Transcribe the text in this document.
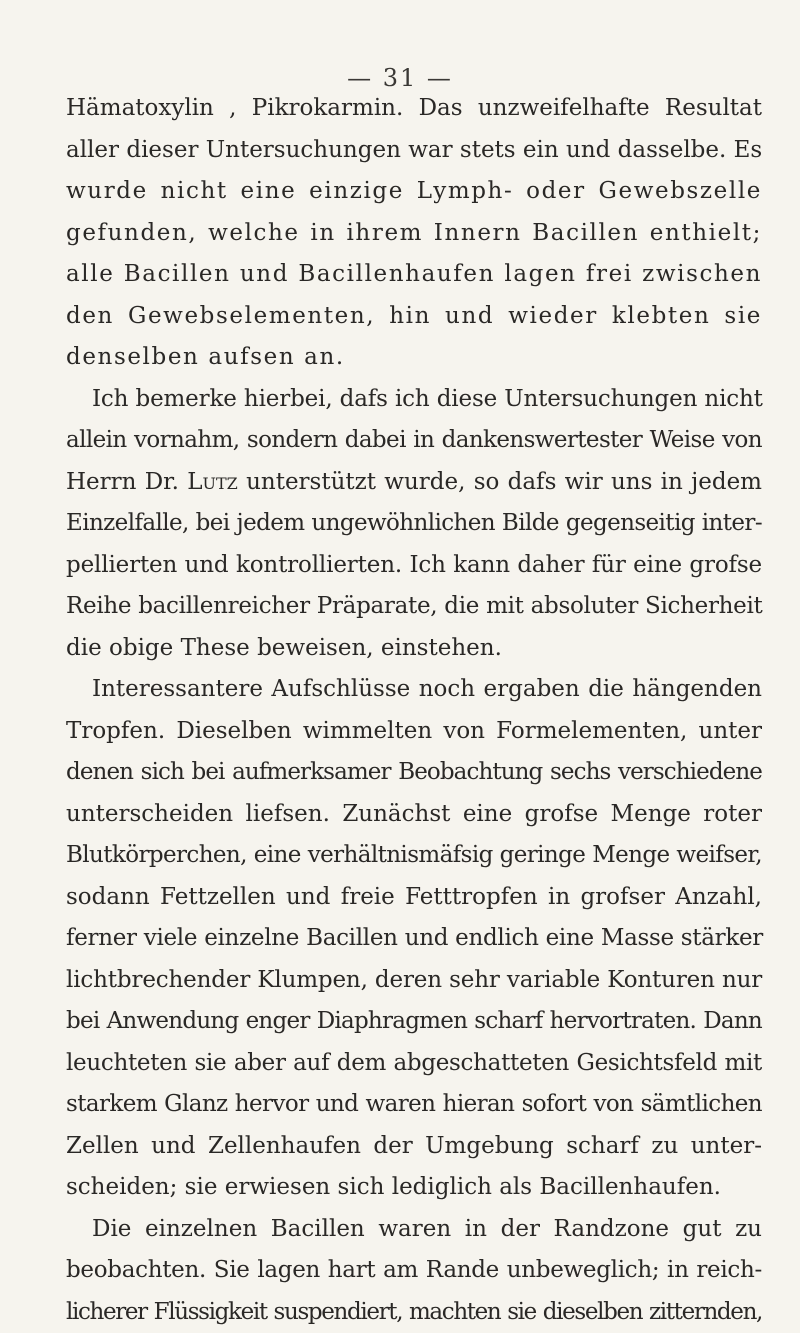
— 31 —
Hämatoxylin , Pikrokarmin. Das unzweifelhafte Resultat
aller dieser Untersuchungen war stets ein und dasselbe. Es
wurde nicht eine einzige Lymph- oder Gewebszelle
gefunden, welche in ihrem Innern Bacillen enthielt;
alle Bacillen und Bacillenhaufen lagen frei zwischen
den Gewebselementen, hin und wieder klebten sie
denselben aufsen an.
Ich bemerke hierbei, dafs ich diese Untersuchungen nicht
allein vornahm, sondern dabei in dankenswertester Weise von
Herrn Dr. Lutz unterstützt wurde, so dafs wir uns in jedem
Einzelfalle, bei jedem ungewöhnlichen Bilde gegenseitig inter-
pellierten und kontrollierten. Ich kann daher für eine grofse
Reihe bacillenreicher Präparate, die mit absoluter Sicherheit
die obige These beweisen, einstehen.
Interessantere Aufschlüsse noch ergaben die hängenden
Tropfen. Dieselben wimmelten von Formelementen, unter
denen sich bei aufmerksamer Beobachtung sechs verschiedene
unterscheiden liefsen. Zunächst eine grofse Menge roter
Blutkörperchen, eine verhältnismäfsig geringe Menge weifser,
sodann Fettzellen und freie Fetttropfen in grofser Anzahl,
ferner viele einzelne Bacillen und endlich eine Masse stärker
lichtbrechender Klumpen, deren sehr variable Konturen nur
bei Anwendung enger Diaphragmen scharf hervortraten. Dann
leuchteten sie aber auf dem abgeschatteten Gesichtsfeld mit
starkem Glanz hervor und waren hieran sofort von sämtlichen
Zellen und Zellenhaufen der Umgebung scharf zu unter-
scheiden; sie erwiesen sich lediglich als Bacillenhaufen.
Die einzelnen Bacillen waren in der Randzone gut zu
beobachten. Sie lagen hart am Rande unbeweglich; in reich-
licherer Flüssigkeit suspendiert, machten sie dieselben zitternden,
